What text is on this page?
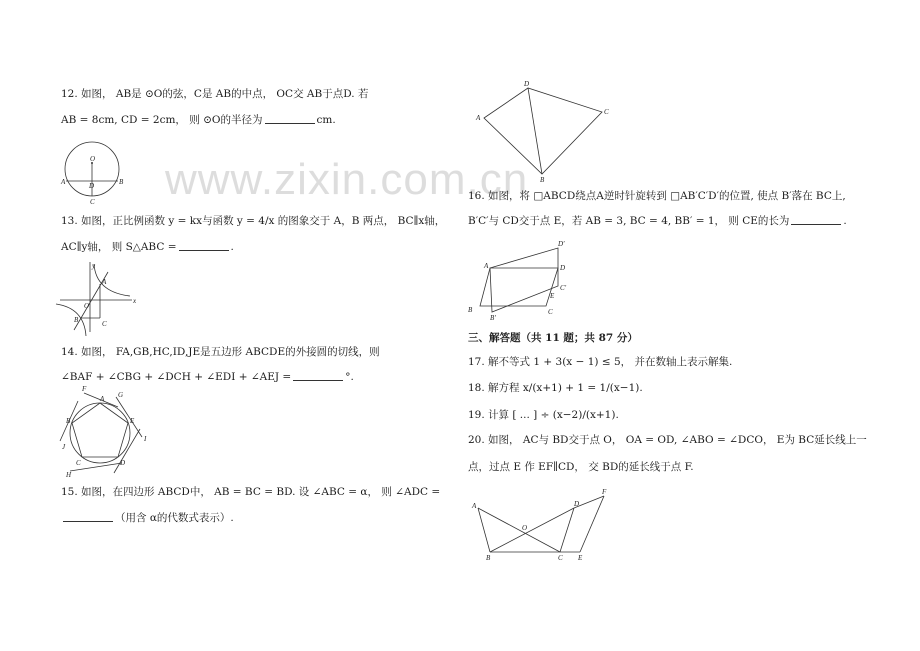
www.zixin.com.cn
12. 如图， AB是 ⊙O的弦，C是 AB的中点， OC交 AB于点D. 若
AB = 8cm, CD = 2cm， 则 ⊙O的半径为	cm.
O
A	D	B
C
13. 如图，正比例函数 y = kx与函数 y = 4/x 的图象交于 A，B 两点， BC∥x轴，
AC∥y轴， 则 S△ABC =	.
y
x
A
B	C
O
14. 如图， FA,GB,HC,ID,JE是五边形 ABCDE的外接圆的切线，则
∠BAF + ∠CBG + ∠DCH + ∠EDI + ∠AEJ =	°.
F
A G
B
C	D
E
H
I
J
15. 如图，在四边形 ABCD中， AB = BC = BD. 设 ∠ABC = α， 则 ∠ADC =
（用含 α的代数式表示）.
A
B
C
D
16. 如图，将 □ABCD绕点A逆时针旋转到 □AB′C′D′的位置, 使点 B′落在 BC上,
B′C′与 CD交于点 E，若 AB = 3, BC = 4, BB′ = 1， 则 CE的长为	.
A
B
B′
C
C′
D
D′
E
三、解答题（共 11 题；共 87 分）
17. 解不等式 1 + 3(x − 1) ≤ 5， 并在数轴上表示解集.
18. 解方程 x/(x+1) + 1 = 1/(x−1).
19. 计算 [ ... ] ÷ (x−2)/(x+1).
20. 如图， AC与 BD交于点 O， OA = OD, ∠ABO = ∠DCO， E为 BC延长线上一
点，过点 E 作 EF∥CD， 交 BD的延长线于点 F.
A
B	C
D
E
F
O
